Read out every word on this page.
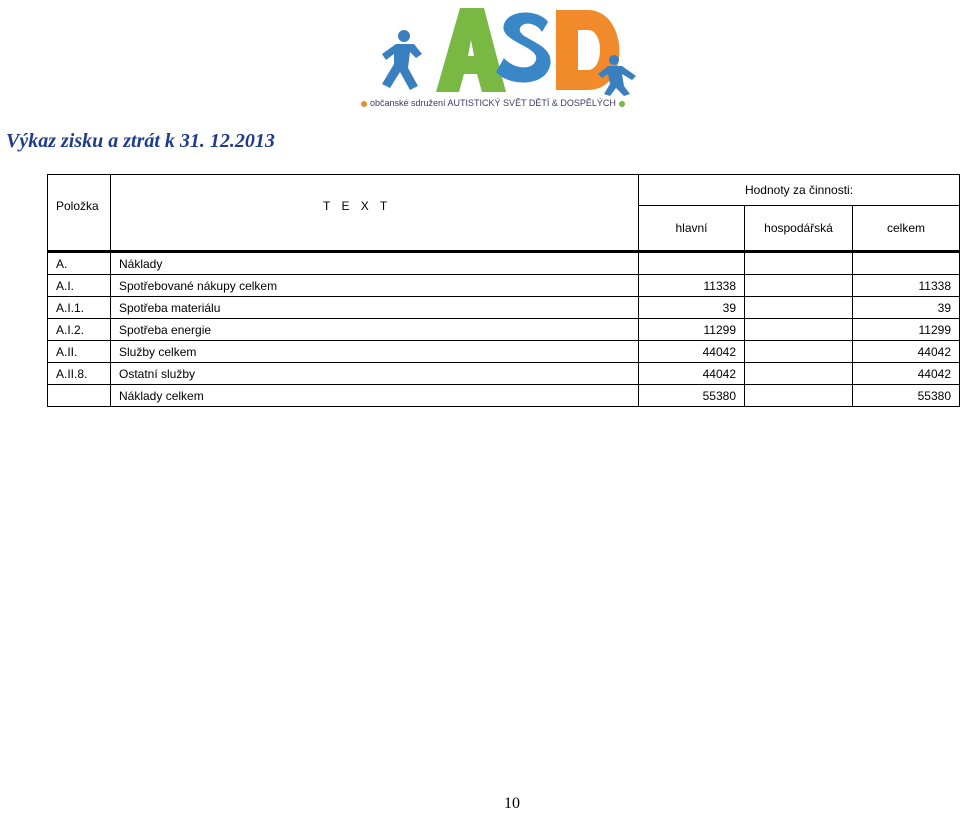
občanské sdružení AUTISTICKÝ SVĚT DĚTÍ & DOSPĚLÝCH
Výkaz zisku a ztrát k 31. 12.2013
Položka	T E X T	Hodnoty za činnosti:		
		hlavní	hospodářská	celkem
A.	Náklady			
A.I.	Spotřebované nákupy celkem	11338		11338
A.I.1.	Spotřeba materiálu	39		39
A.I.2.	Spotřeba energie	11299		11299
A.II.	Služby celkem	44042		44042
A.II.8.	Ostatní služby	44042		44042
	Náklady celkem	55380		55380
10
